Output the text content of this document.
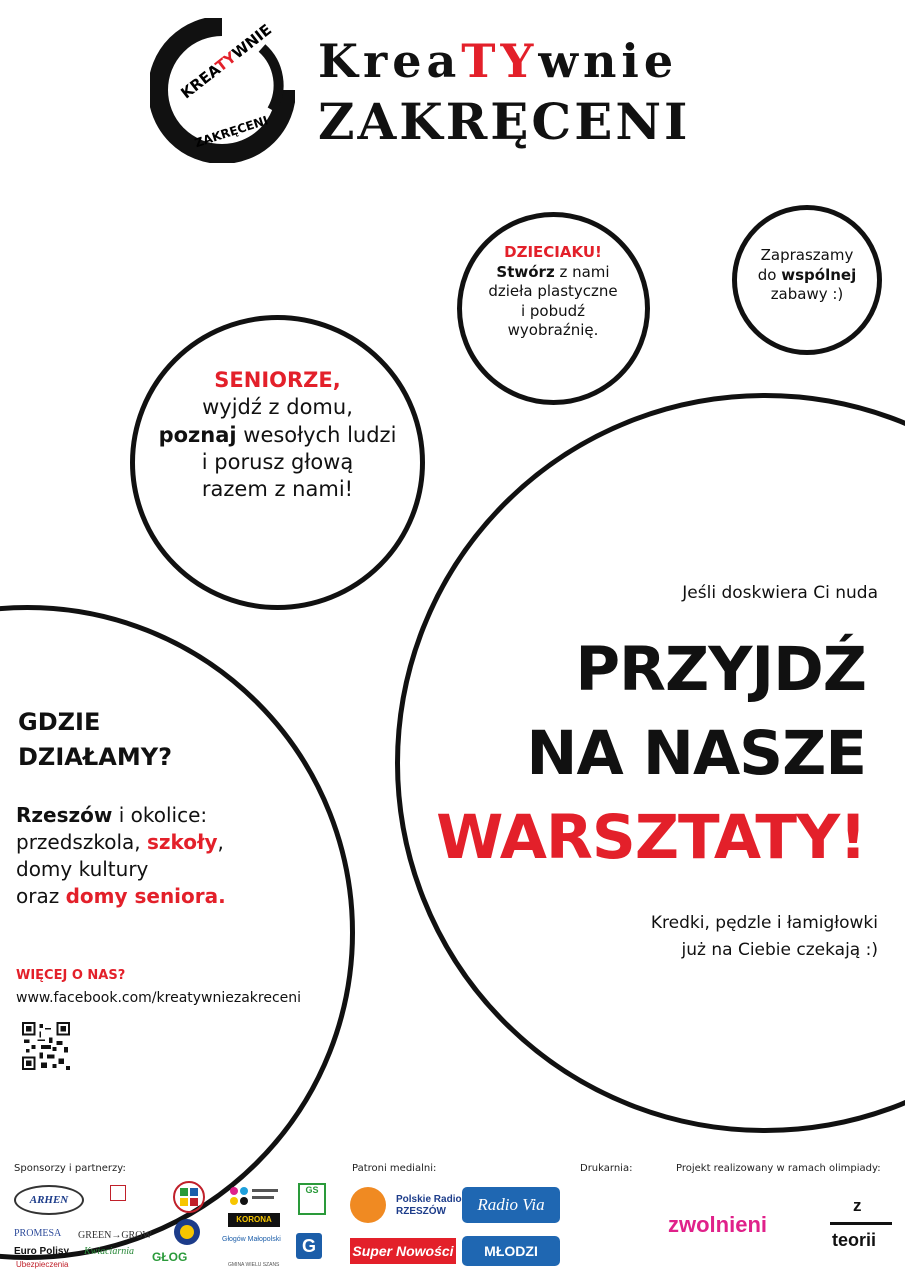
KREATYWNIE
ZAKRĘCENI
KreaTYwnie
ZAKRĘCENI
SENIORZE,
wyjdź z domu,
poznaj wesołych ludzi
i porusz głową
razem z nami!
DZIECIAKU!
Stwórz z nami
dzieła plastyczne
i pobudź
wyobraźnię.
Zapraszamy
do wspólnej
zabawy :)
Jeśli doskwiera Ci nuda
PRZYJDŹ
NA NASZE
WARSZTATY!
Kredki, pędzle i łamigłowki
już na Ciebie czekają :)
GDZIE
DZIAŁAMY?
Rzeszów i okolice:
przedszkola, szkoły,
domy kultury
oraz domy seniora.
WIĘCEJ O NAS?
www.facebook.com/kreatywniezakreceni
Sponsorzy i partnerzy:	Patroni medialni:	Drukarnia:	Projekt realizowany w ramach olimpiady:
ARHEN
PROMESA
Euro Polisy
Ubezpieczenia
GREEN→GROW
Kwiaciarnia
KORONA
GŁOG
Głogów Małopolski
GMINA WIELU SZANS
GS
G
Polskie Radio
RZESZÓW	Radio Via
Super Nowości	MŁODZI
zwolnieni
z
teorii
